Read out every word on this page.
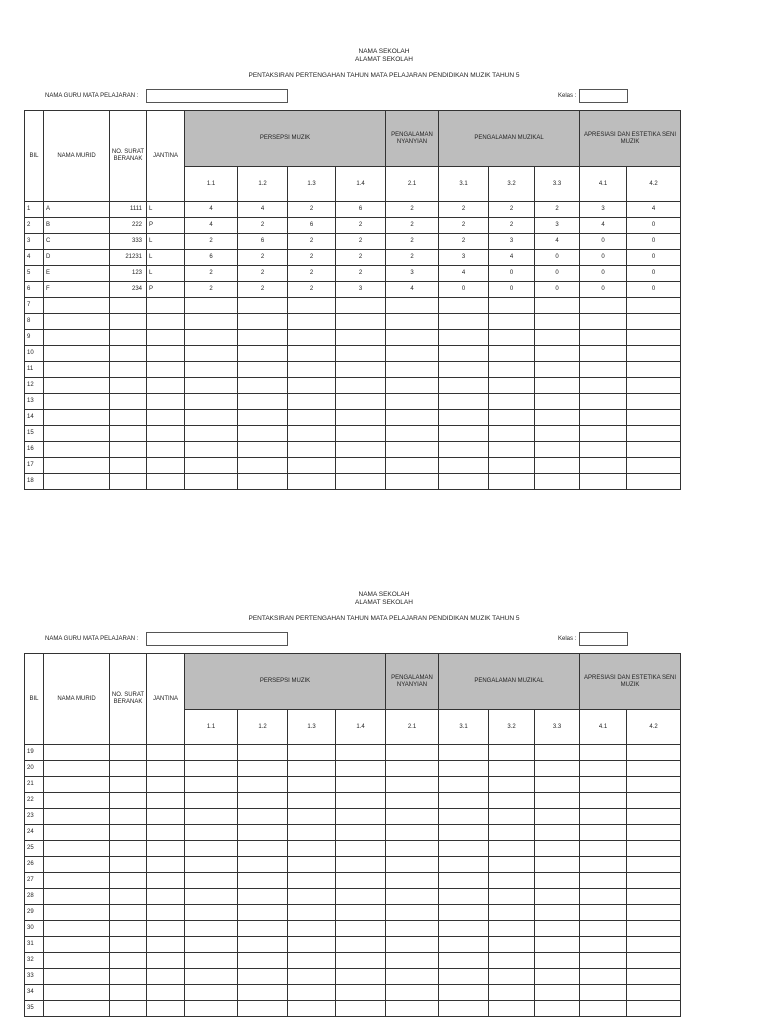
NAMA SEKOLAH
ALAMAT SEKOLAH
PENTAKSIRAN PERTENGAHAN TAHUN MATA PELAJARAN PENDIDIKAN MUZIK TAHUN 5
NAMA GURU MATA PELAJARAN :	Kelas :
BIL	NAMA MURID	NO. SURAT BERANAK	JANTINA	PERSEPSI MUZIK				PENGALAMAN NYANYIAN	PENGALAMAN MUZIKAL			APRESIASI DAN ESTETIKA SENI MUZIK	
				1.1	1.2	1.3	1.4	2.1	3.1	3.2	3.3	4.1	4.2
1	A	1111	L	4	4	2	6	2	2	2	2	3	4
2	B	222	P	4	2	6	2	2	2	2	3	4	0
3	C	333	L	2	6	2	2	2	2	3	4	0	0
4	D	21231	L	6	2	2	2	2	3	4	0	0	0
5	E	123	L	2	2	2	2	3	4	0	0	0	0
6	F	234	P	2	2	2	3	4	0	0	0	0	0
7													
8													
9													
10													
11													
12													
13													
14													
15													
16													
17													
18													
NAMA SEKOLAH
ALAMAT SEKOLAH
PENTAKSIRAN PERTENGAHAN TAHUN MATA PELAJARAN PENDIDIKAN MUZIK TAHUN 5
NAMA GURU MATA PELAJARAN :	Kelas :
BIL	NAMA MURID	NO. SURAT BERANAK	JANTINA	PERSEPSI MUZIK				PENGALAMAN NYANYIAN	PENGALAMAN MUZIKAL			APRESIASI DAN ESTETIKA SENI MUZIK	
				1.1	1.2	1.3	1.4	2.1	3.1	3.2	3.3	4.1	4.2
19													
20													
21													
22													
23													
24													
25													
26													
27													
28													
29													
30													
31													
32													
33													
34													
35													
